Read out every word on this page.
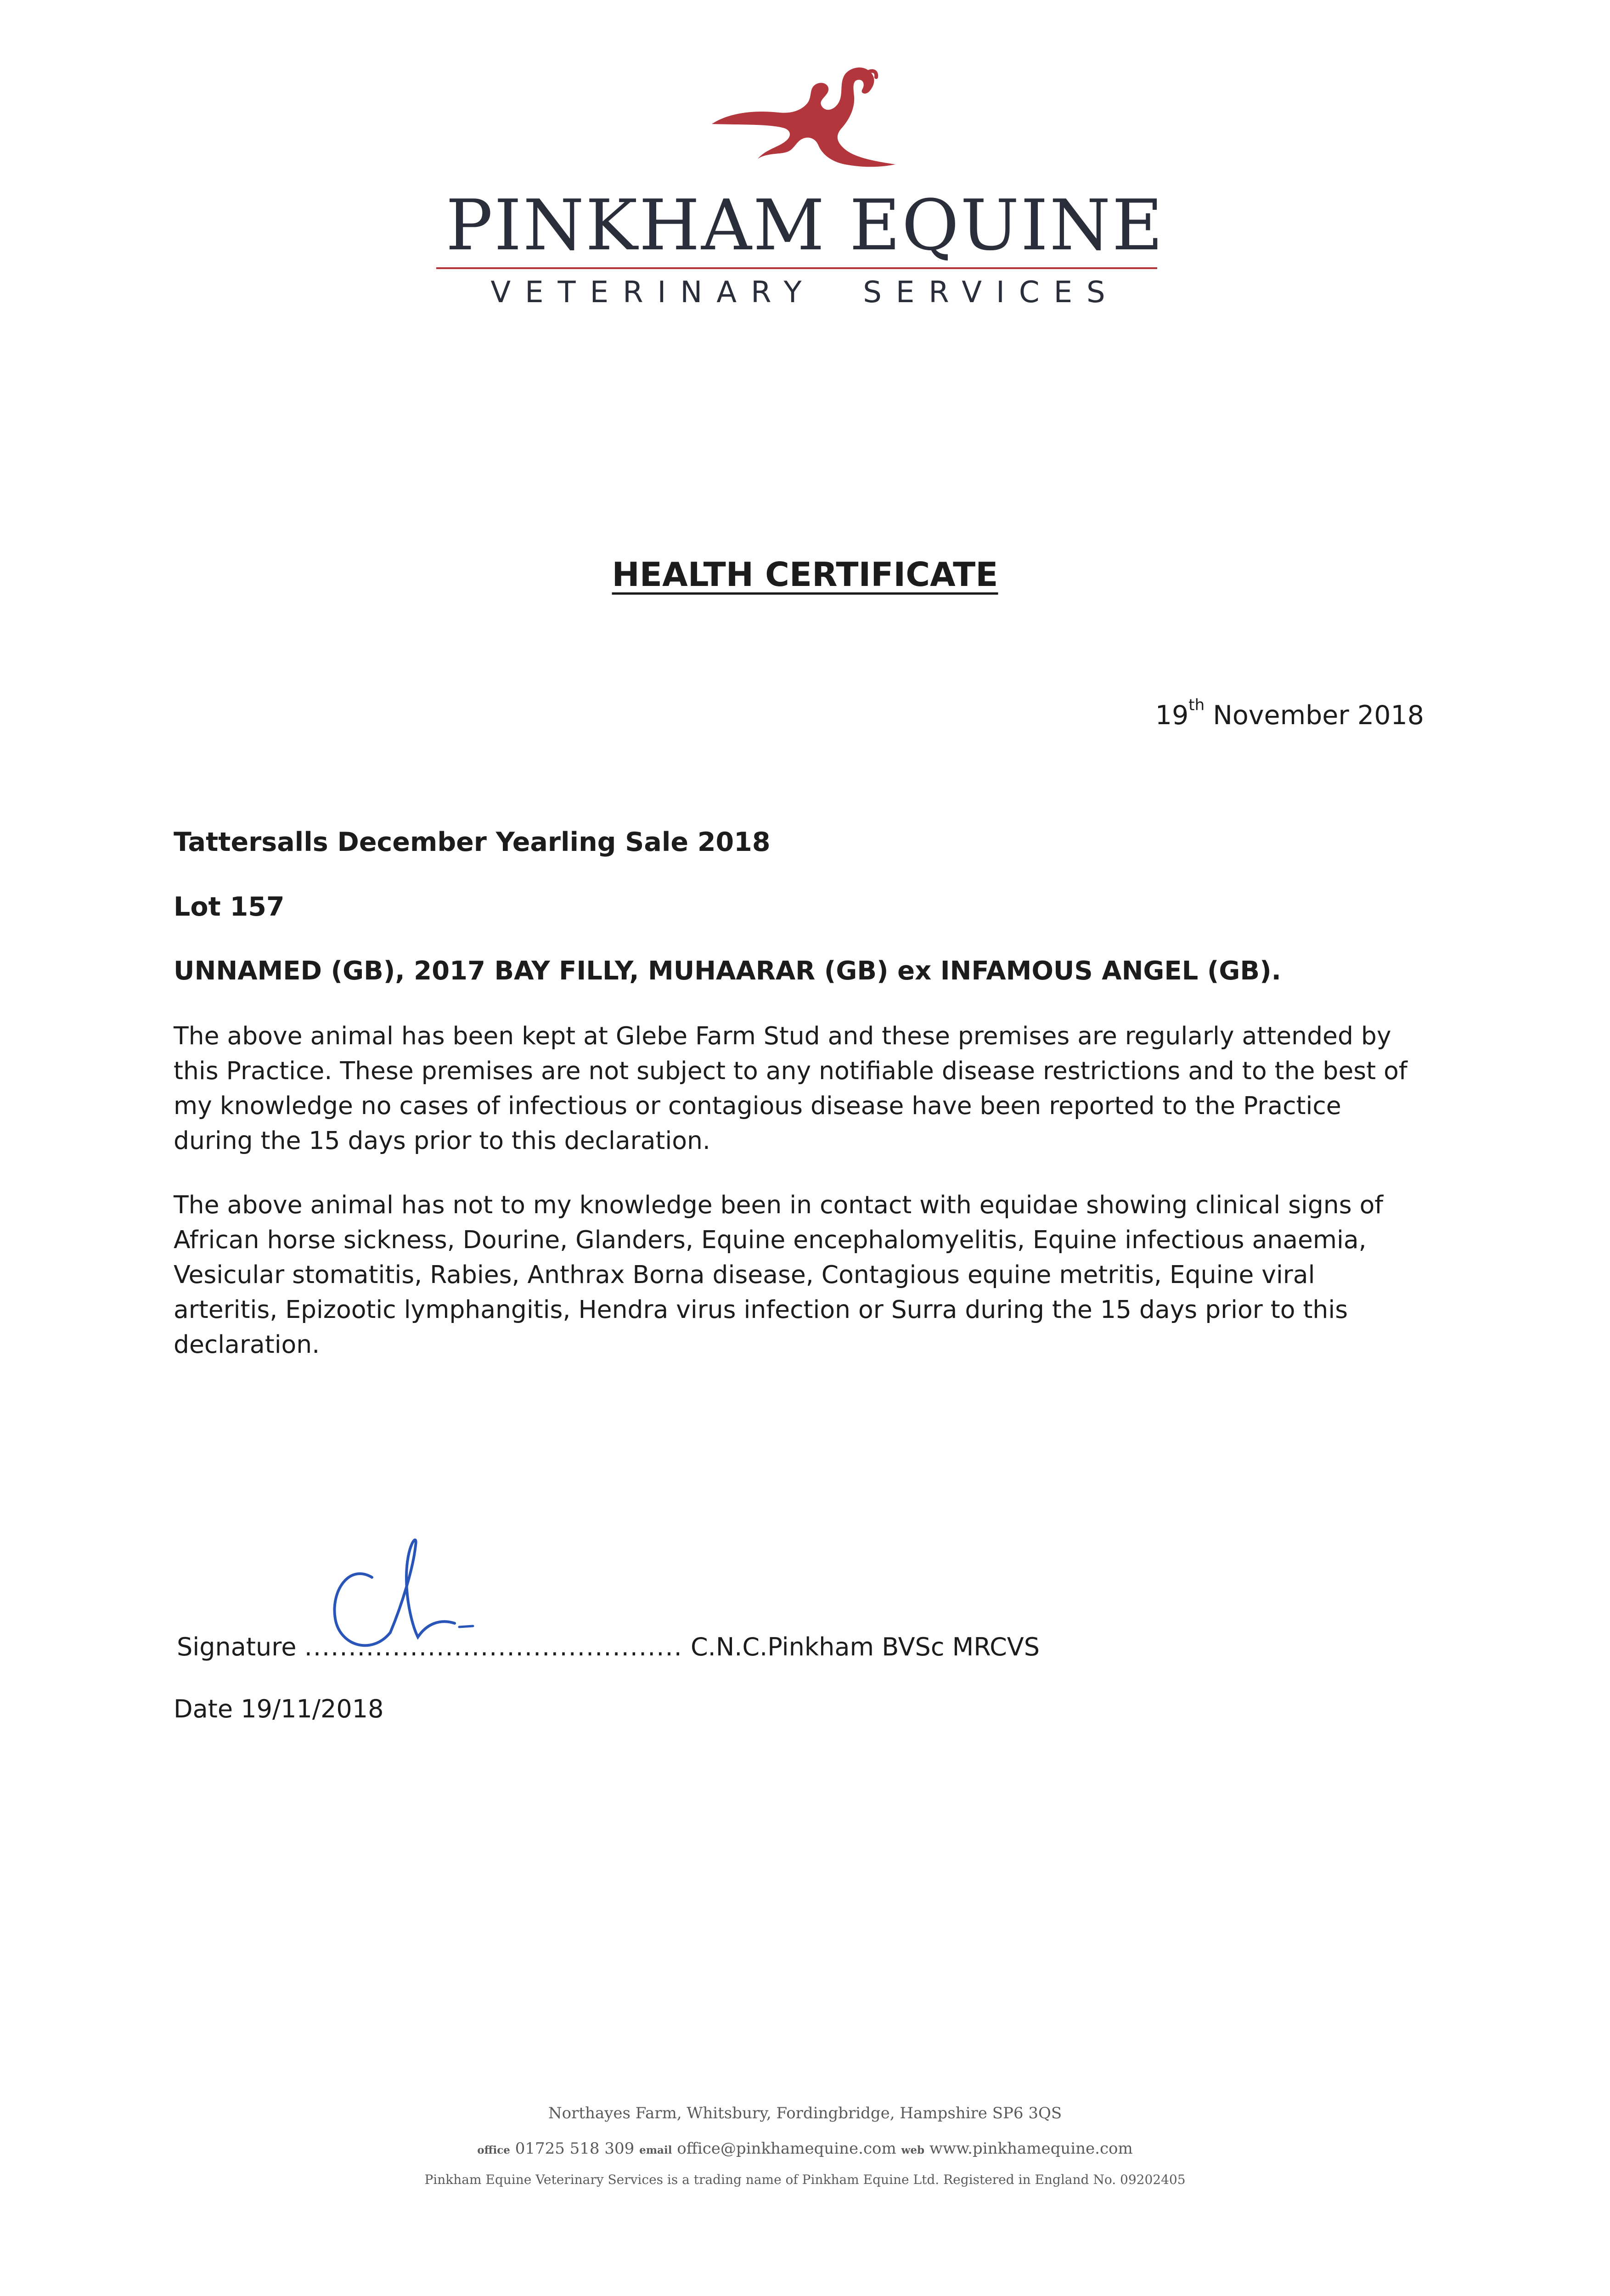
PINKHAM EQUINE
VETERINARY  SERVICES
HEALTH CERTIFICATE
19th November 2018
Tattersalls December Yearling Sale 2018
Lot 157
UNNAMED (GB), 2017 BAY FILLY, MUHAARAR (GB) ex INFAMOUS ANGEL (GB).
The above animal has been kept at Glebe Farm Stud and these premises are regularly attended by this Practice. These premises are not subject to any notifiable disease restrictions and to the best of my knowledge no cases of infectious or contagious disease have been reported to the Practice during the 15 days prior to this declaration.
The above animal has not to my knowledge been in contact with equidae showing clinical signs of African horse sickness, Dourine, Glanders, Equine encephalomyelitis, Equine infectious anaemia, Vesicular stomatitis, Rabies, Anthrax Borna disease, Contagious equine metritis, Equine viral arteritis, Epizootic lymphangitis, Hendra virus infection or Surra during the 15 days prior to this declaration.
Signature ........................................... C.N.C.Pinkham BVSc MRCVS
Date 19/11/2018
Northayes Farm, Whitsbury, Fordingbridge, Hampshire SP6 3QS
office 01725 518 309 email office@pinkhamequine.com web www.pinkhamequine.com
Pinkham Equine Veterinary Services is a trading name of Pinkham Equine Ltd. Registered in England No. 09202405
